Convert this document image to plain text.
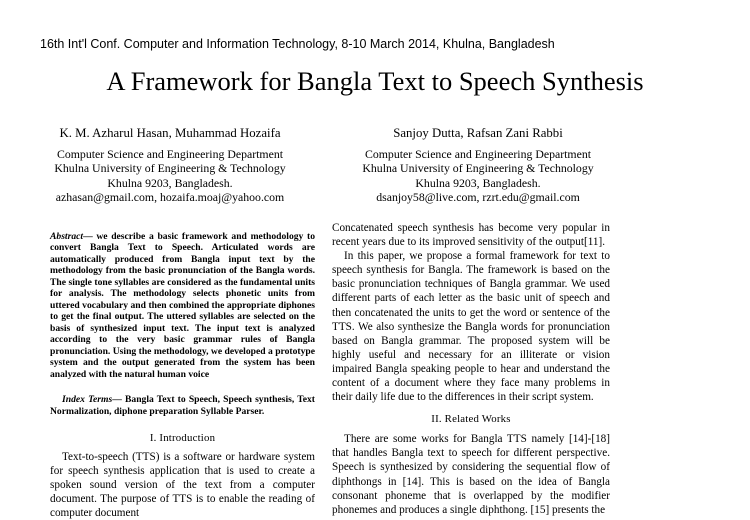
16th Int'l Conf. Computer and Information Technology, 8-10 March 2014, Khulna, Bangladesh
A Framework for Bangla Text to Speech Synthesis
K. M. Azharul Hasan, Muhammad Hozaifa
Computer Science and Engineering Department
Khulna University of Engineering & Technology
Khulna 9203, Bangladesh.
azhasan@gmail.com, hozaifa.moaj@yahoo.com
Sanjoy Dutta, Rafsan Zani Rabbi
Computer Science and Engineering Department
Khulna University of Engineering & Technology
Khulna 9203, Bangladesh.
dsanjoy58@live.com, rzrt.edu@gmail.com

Abstract— we describe a basic framework and methodology to convert Bangla Text to Speech. Articulated words are automatically produced from Bangla input text by the methodology from the basic pronunciation of the Bangla words. The single tone syllables are considered as the fundamental units for analysis. The methodology selects phonetic units from uttered vocabulary and then combined the appropriate diphones to get the final output. The uttered syllables are selected on the basis of synthesized input text. The input text is analyzed according to the very basic grammar rules of Bangla pronunciation. Using the methodology, we developed a prototype system and the output generated from the system has been analyzed with the natural human voice

Index Terms— Bangla Text to Speech, Speech synthesis, Text Normalization, diphone preparation Syllable Parser.

I. Introduction

Text-to-speech (TTS) is a software or hardware system for speech synthesis application that is used to create a spoken sound version of the text from a computer document. The purpose of TTS is to enable the reading of computer document

Concatenated speech synthesis has become very popular in recent years due to its improved sensitivity of the output[11].

In this paper, we propose a formal framework for text to speech synthesis for Bangla. The framework is based on the basic pronunciation techniques of Bangla grammar. We used different parts of each letter as the basic unit of speech and then concatenated the units to get the word or sentence of the TTS. We also synthesize the Bangla words for pronunciation based on Bangla grammar. The proposed system will be highly useful and necessary for an illiterate or vision impaired Bangla speaking people to hear and understand the content of a document where they face many problems in their daily life due to the differences in their script system.

II. Related Works

There are some works for Bangla TTS namely [14]-[18] that handles Bangla text to speech for different perspective. Speech is synthesized by considering the sequential flow of diphthongs in [14]. This is based on the idea of Bangla consonant phoneme that is overlapped by the modifier phonemes and produces a single diphthong. [15] presents the
